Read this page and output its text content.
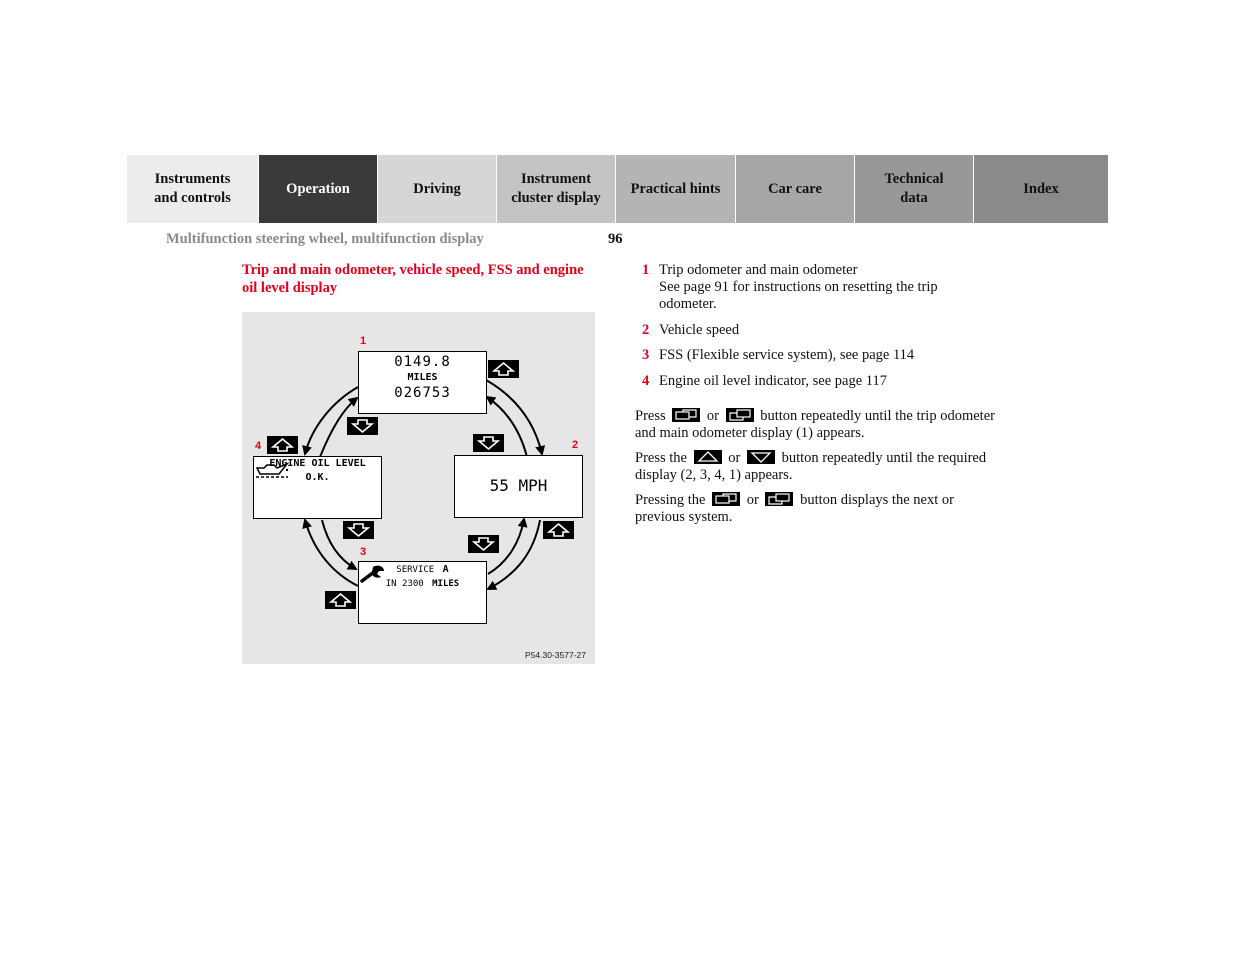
Instruments
and controls
Operation	Driving
Instrument
cluster display
Practical hints	Car care
Technical
data
Index
Multifunction steering wheel, multifunction display	96
Trip and main odometer, vehicle speed, FSS and engine oil level display
0149.8
MILES
026753
55 MPH
ENGINE OIL LEVEL
O.K.
SERVICE A
IN 2300 MILES
1
2
3
4
P54.30-3577-27
1 Trip odometer and main odometer
See page 91 for instructions on resetting the trip odometer.
2 Vehicle speed
3 FSS (Flexible service system), see page 114
4 Engine oil level indicator, see page 117
Press	or	button repeatedly until the trip odometer and main odometer display (1) appears.
Press the	or	button repeatedly until the required display (2, 3, 4, 1) appears.
Pressing the	or	button displays the next or previous system.
